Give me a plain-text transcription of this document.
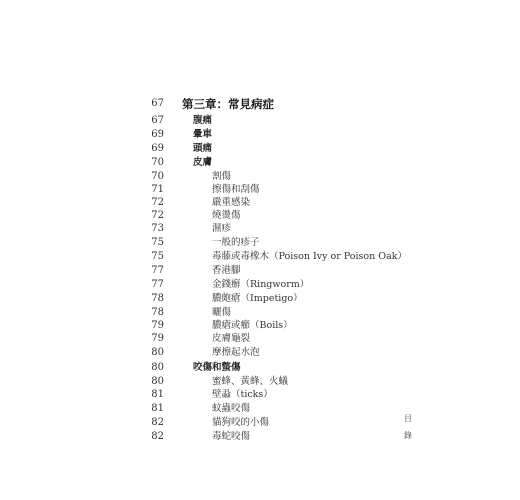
67 第三章：常見病症
67	腹痛
69	暈車
69	頭痛
70	皮膚
70	割傷
71	擦傷和刮傷
72	嚴重感染
72	燒燙傷
73	濕疹
75	一般的疹子
75	毒藤或毒橡木（Poison Ivy or Poison Oak）
77	香港腳
77	金錢癬（Ringworm）
78	膿皰瘡（Impetigo）
78	曬傷
79	膿瘡或癤（Boils）
79	皮膚龜裂
80	摩擦起水泡
80	咬傷和螫傷
80	蜜蜂、黃蜂、火蟻
81	壁蝨（ticks）
81	蚊蟲咬傷
82	貓狗咬的小傷
82	毒蛇咬傷
目
錄
